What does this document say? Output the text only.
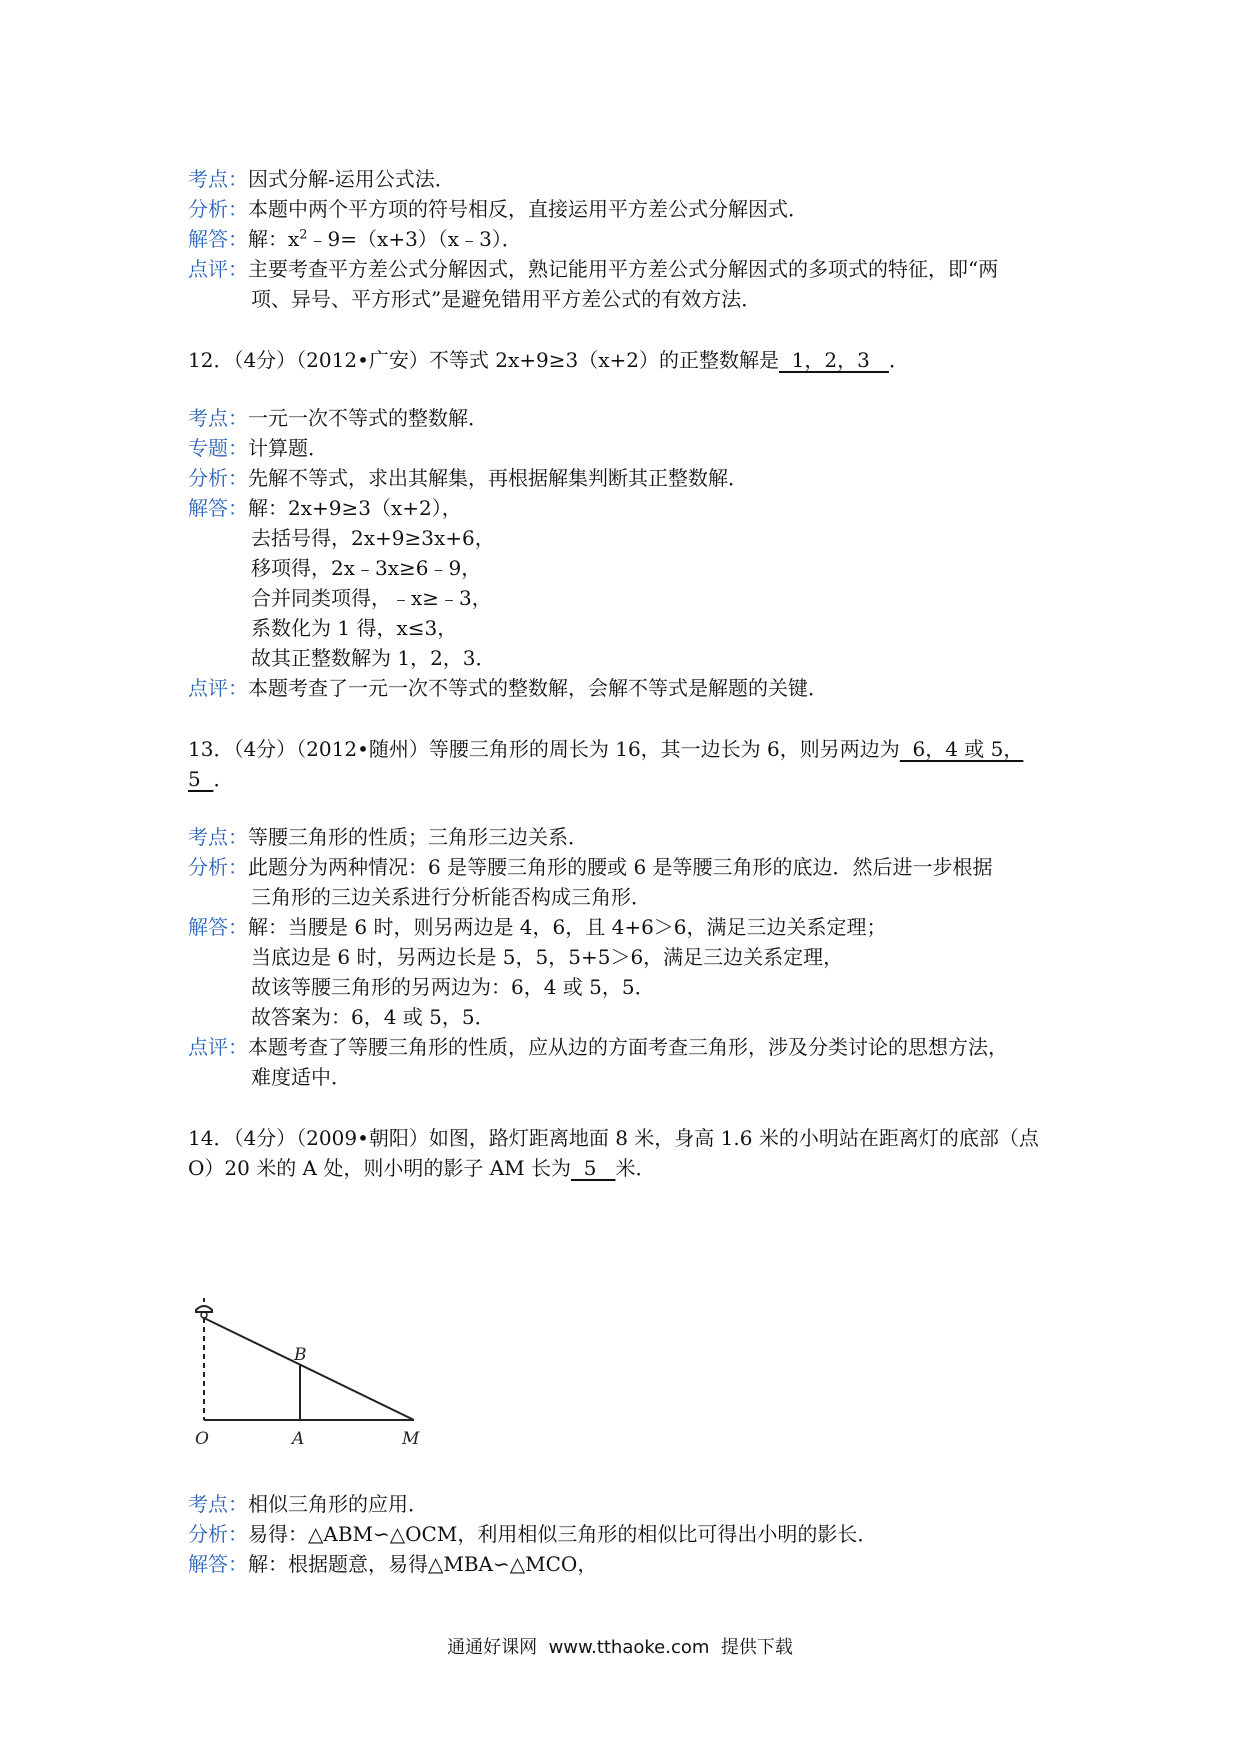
考点：因式分解-运用公式法．
分析：本题中两个平方项的符号相反，直接运用平方差公式分解因式．
解答：解：$x^2﹣9=(x+3)(x﹣3)$．
点评：主要考查平方差公式分解因式，熟记能用平方差公式分解因式的多项式的特征，即“两
项、异号、平方形式”是避免错用平方差公式的有效方法．
12．（4分）（2012•广安）不等式 2x+9≥3（x+2）的正整数解是  1，2，3   ．
考点：一元一次不等式的整数解．
专题：计算题．
分析：先解不等式，求出其解集，再根据解集判断其正整数解．
解答：解：2x+9≥3（x+2），
去括号得，2x+9≥3x+6，
移项得，2x﹣3x≥6﹣9，
合并同类项得，﹣x≥﹣3，
系数化为 1 得，x≤3，
故其正整数解为 1，2，3．
点评：本题考查了一元一次不等式的整数解，会解不等式是解题的关键．
13．（4分）（2012•随州）等腰三角形的周长为 16，其一边长为 6，则另两边为  6，4 或 5，
5  ．
考点：等腰三角形的性质；三角形三边关系．
分析：此题分为两种情况：6 是等腰三角形的腰或 6 是等腰三角形的底边．然后进一步根据
三角形的三边关系进行分析能否构成三角形．
解答：解：当腰是 6 时，则另两边是 4，6，且 4+6＞6，满足三边关系定理；
当底边是 6 时，另两边长是 5，5，5+5＞6，满足三边关系定理，
故该等腰三角形的另两边为：6，4 或 5，5．
故答案为：6，4 或 5，5．
点评：本题考查了等腰三角形的性质，应从边的方面考查三角形，涉及分类讨论的思想方法，
难度适中．
14．（4分）（2009•朝阳）如图，路灯距离地面 8 米，身高 1.6 米的小明站在距离灯的底部（点
O）20 米的 A 处，则小明的影子 AM 长为  5   米．
O	A	M
B
考点：相似三角形的应用．
分析：易得：△ABM∽△OCM，利用相似三角形的相似比可得出小明的影长．
解答：解：根据题意，易得△MBA∽△MCO，
通通好课网  www.tthaoke.com  提供下载
